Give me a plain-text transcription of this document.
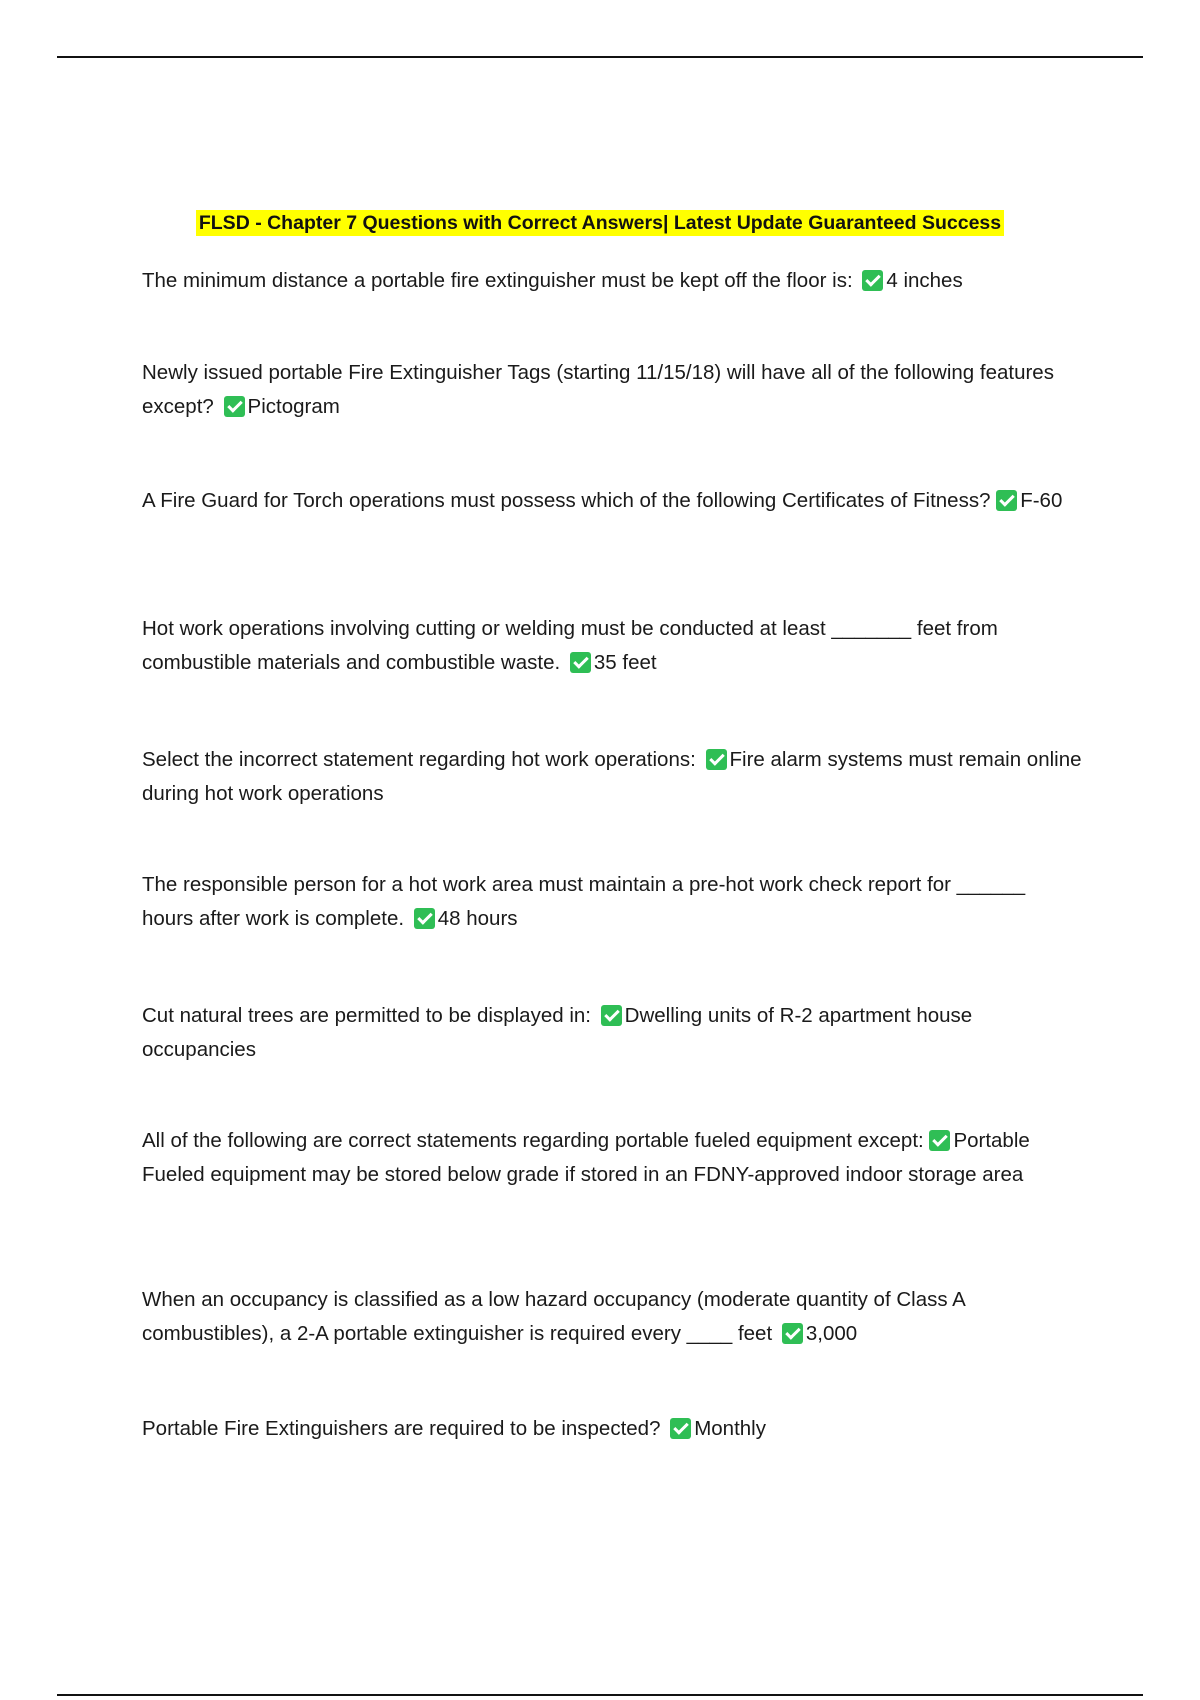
FLSD - Chapter 7 Questions with Correct Answers| Latest Update Guaranteed Success
The minimum distance a portable fire extinguisher must be kept off the floor is: 4 inches
Newly issued portable Fire Extinguisher Tags (starting 11/15/18) will have all of the following features except? Pictogram
A Fire Guard for Torch operations must possess which of the following Certificates of Fitness? F-60
Hot work operations involving cutting or welding must be conducted at least _______ feet from combustible materials and combustible waste. 35 feet
Select the incorrect statement regarding hot work operations: Fire alarm systems must remain online during hot work operations
The responsible person for a hot work area must maintain a pre-hot work check report for ______ hours after work is complete. 48 hours
Cut natural trees are permitted to be displayed in: Dwelling units of R-2 apartment house occupancies
All of the following are correct statements regarding portable fueled equipment except: Portable Fueled equipment may be stored below grade if stored in an FDNY-approved indoor storage area
When an occupancy is classified as a low hazard occupancy (moderate quantity of Class A combustibles), a 2-A portable extinguisher is required every ____ feet 3,000
Portable Fire Extinguishers are required to be inspected? Monthly
